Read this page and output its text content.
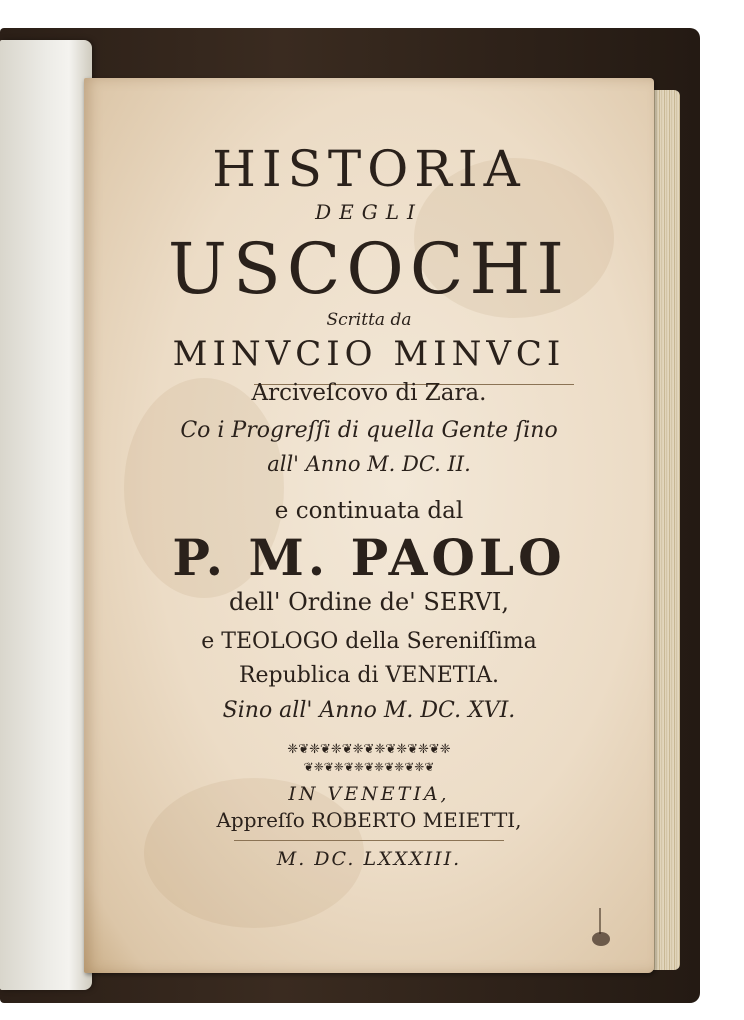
HISTORIA
DEGLI
USCOCHI
Scritta da
MINVCIO MINVCI
Arciveſcovo di Zara.
Co i Progreſſi di quella Gente ſino
all' Anno M. DC. II.
e continuata dal
P. M. PAOLO
dell' Ordine de' SERVI,
e TEOLOGO della Sereniſſima
Republica di VENETIA.
Sino all' Anno M. DC. XVI.
❈❦❈❦❈❦❈❦❈❦❈❦❈❦❈
❦❈❦❈❦❈❦❈❦❈❦❈❦
IN VENETIA,
Appreſſo ROBERTO MEIETTI,
M. DC. LXXXIII.
